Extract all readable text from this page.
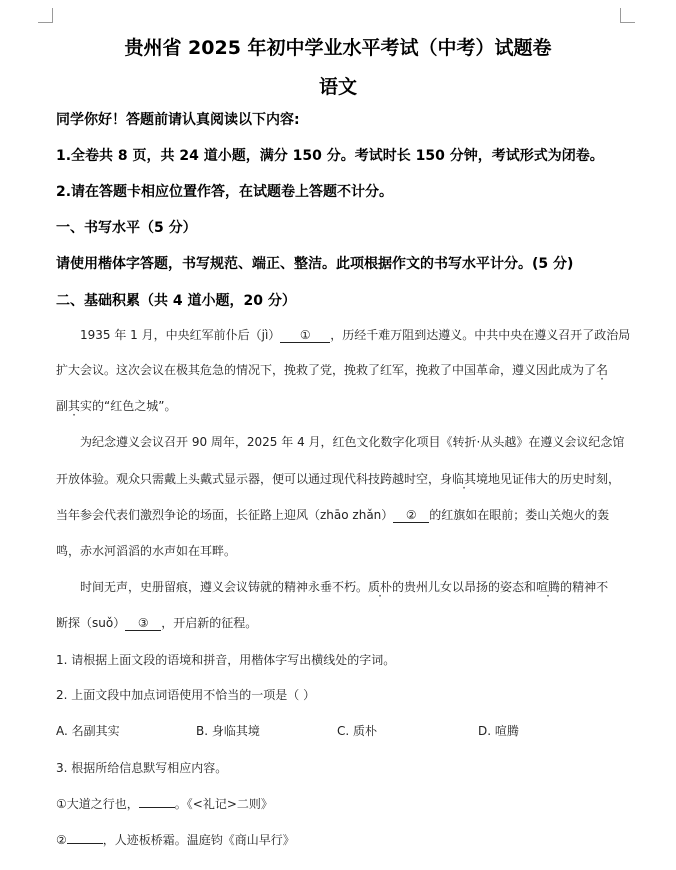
贵州省 2025 年初中学业水平考试（中考）试题卷
语文
同学你好！答题前请认真阅读以下内容:
1.全卷共 8 页，共 24 道小题，满分 150 分。考试时长 150 分钟，考试形式为闭卷。
2.请在答题卡相应位置作答，在试题卷上答题不计分。
一、书写水平（5 分）
请使用楷体字答题，书写规范、端正、整洁。此项根据作文的书写水平计分。(5 分)
二、基础积累（共 4 道小题，20 分）
1935 年 1 月，中央红军前仆后（jì） ① ，历经千难万阻到达遵义。中共中央在遵义召开了政治局
扩大会议。这次会议在极其危急的情况下，挽救了党，挽救了红军，挽救了中国革命，遵义因此成为了名
副其实的“红色之城”。
为纪念遵义会议召开 90 周年，2025 年 4 月，红色文化数字化项目《转折·从头越》在遵义会议纪念馆
开放体验。观众只需戴上头戴式显示器，便可以通过现代科技跨越时空，身临其境地见证伟大的历史时刻，
当年参会代表们激烈争论的场面，长征路上迎风（zhāo zhǎn） ② 的红旗如在眼前；娄山关炮火的轰
鸣，赤水河滔滔的水声如在耳畔。
时间无声，史册留痕，遵义会议铸就的精神永垂不朽。质朴的贵州儿女以昂扬的姿态和喧腾的精神不
断探（suǒ） ③ ，开启新的征程。
1. 请根据上面文段的语境和拼音，用楷体字写出横线处的字词。
2. 上面文段中加点词语使用不恰当的一项是（ ）
A. 名副其实	B. 身临其境	C. 质朴	D. 喧腾
3. 根据所给信息默写相应内容。
①大道之行也，	。《<礼记>二则》
②	，人迹板桥霜。温庭钧《商山早行》
